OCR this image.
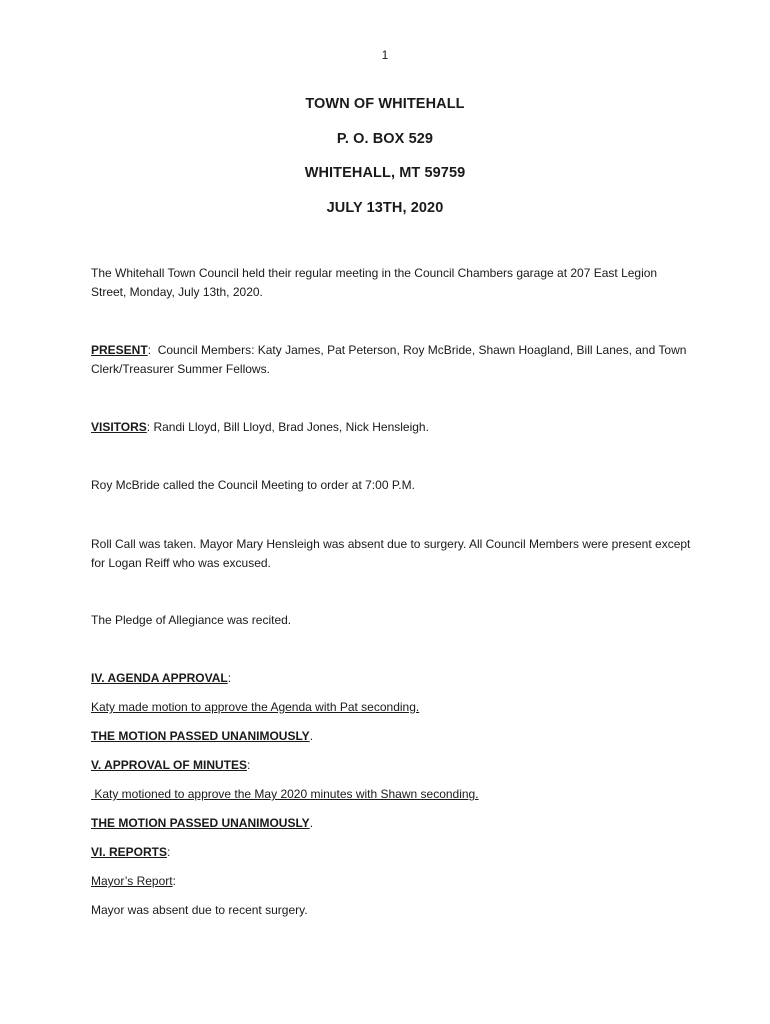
1
TOWN OF WHITEHALL
P. O. BOX 529
WHITEHALL, MT 59759
JULY 13TH, 2020
The Whitehall Town Council held their regular meeting in the Council Chambers garage at 207 East Legion Street, Monday, July 13th, 2020.
PRESENT:  Council Members: Katy James, Pat Peterson, Roy McBride, Shawn Hoagland, Bill Lanes, and Town Clerk/Treasurer Summer Fellows.
VISITORS: Randi Lloyd, Bill Lloyd, Brad Jones, Nick Hensleigh.
Roy McBride called the Council Meeting to order at 7:00 P.M.
Roll Call was taken. Mayor Mary Hensleigh was absent due to surgery. All Council Members were present except for Logan Reiff who was excused.
The Pledge of Allegiance was recited.
IV. AGENDA APPROVAL:
Katy made motion to approve the Agenda with Pat seconding.
THE MOTION PASSED UNANIMOUSLY.
V. APPROVAL OF MINUTES:
Katy motioned to approve the May 2020 minutes with Shawn seconding.
THE MOTION PASSED UNANIMOUSLY.
VI. REPORTS:
Mayor’s Report:
Mayor was absent due to recent surgery.
